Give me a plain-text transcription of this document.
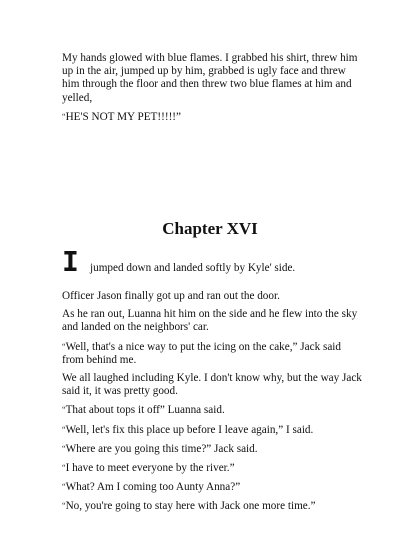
My hands glowed with blue flames. I grabbed his shirt, threw him up in the air, jumped up by him, grabbed is ugly face and threw him through the floor and then threw two blue flames at him and yelled,

“HE'S NOT MY PET!!!!!”

Chapter XVI
I jumped down and landed softly by Kyle' side.

Officer Jason finally got up and ran out the door.

As he ran out, Luanna hit him on the side and he flew into the sky and landed on the neighbors' car.

“Well, that's a nice way to put the icing on the cake,” Jack said from behind me.

We all laughed including Kyle. I don't know why, but the way Jack said it, it was pretty good.

“That about tops it off” Luanna said.

“Well, let's fix this place up before I leave again,” I said.

“Where are you going this time?” Jack said.

“I have to meet everyone by the river.”

“What? Am I coming too Aunty Anna?”

“No, you're going to stay here with Jack one more time.”
